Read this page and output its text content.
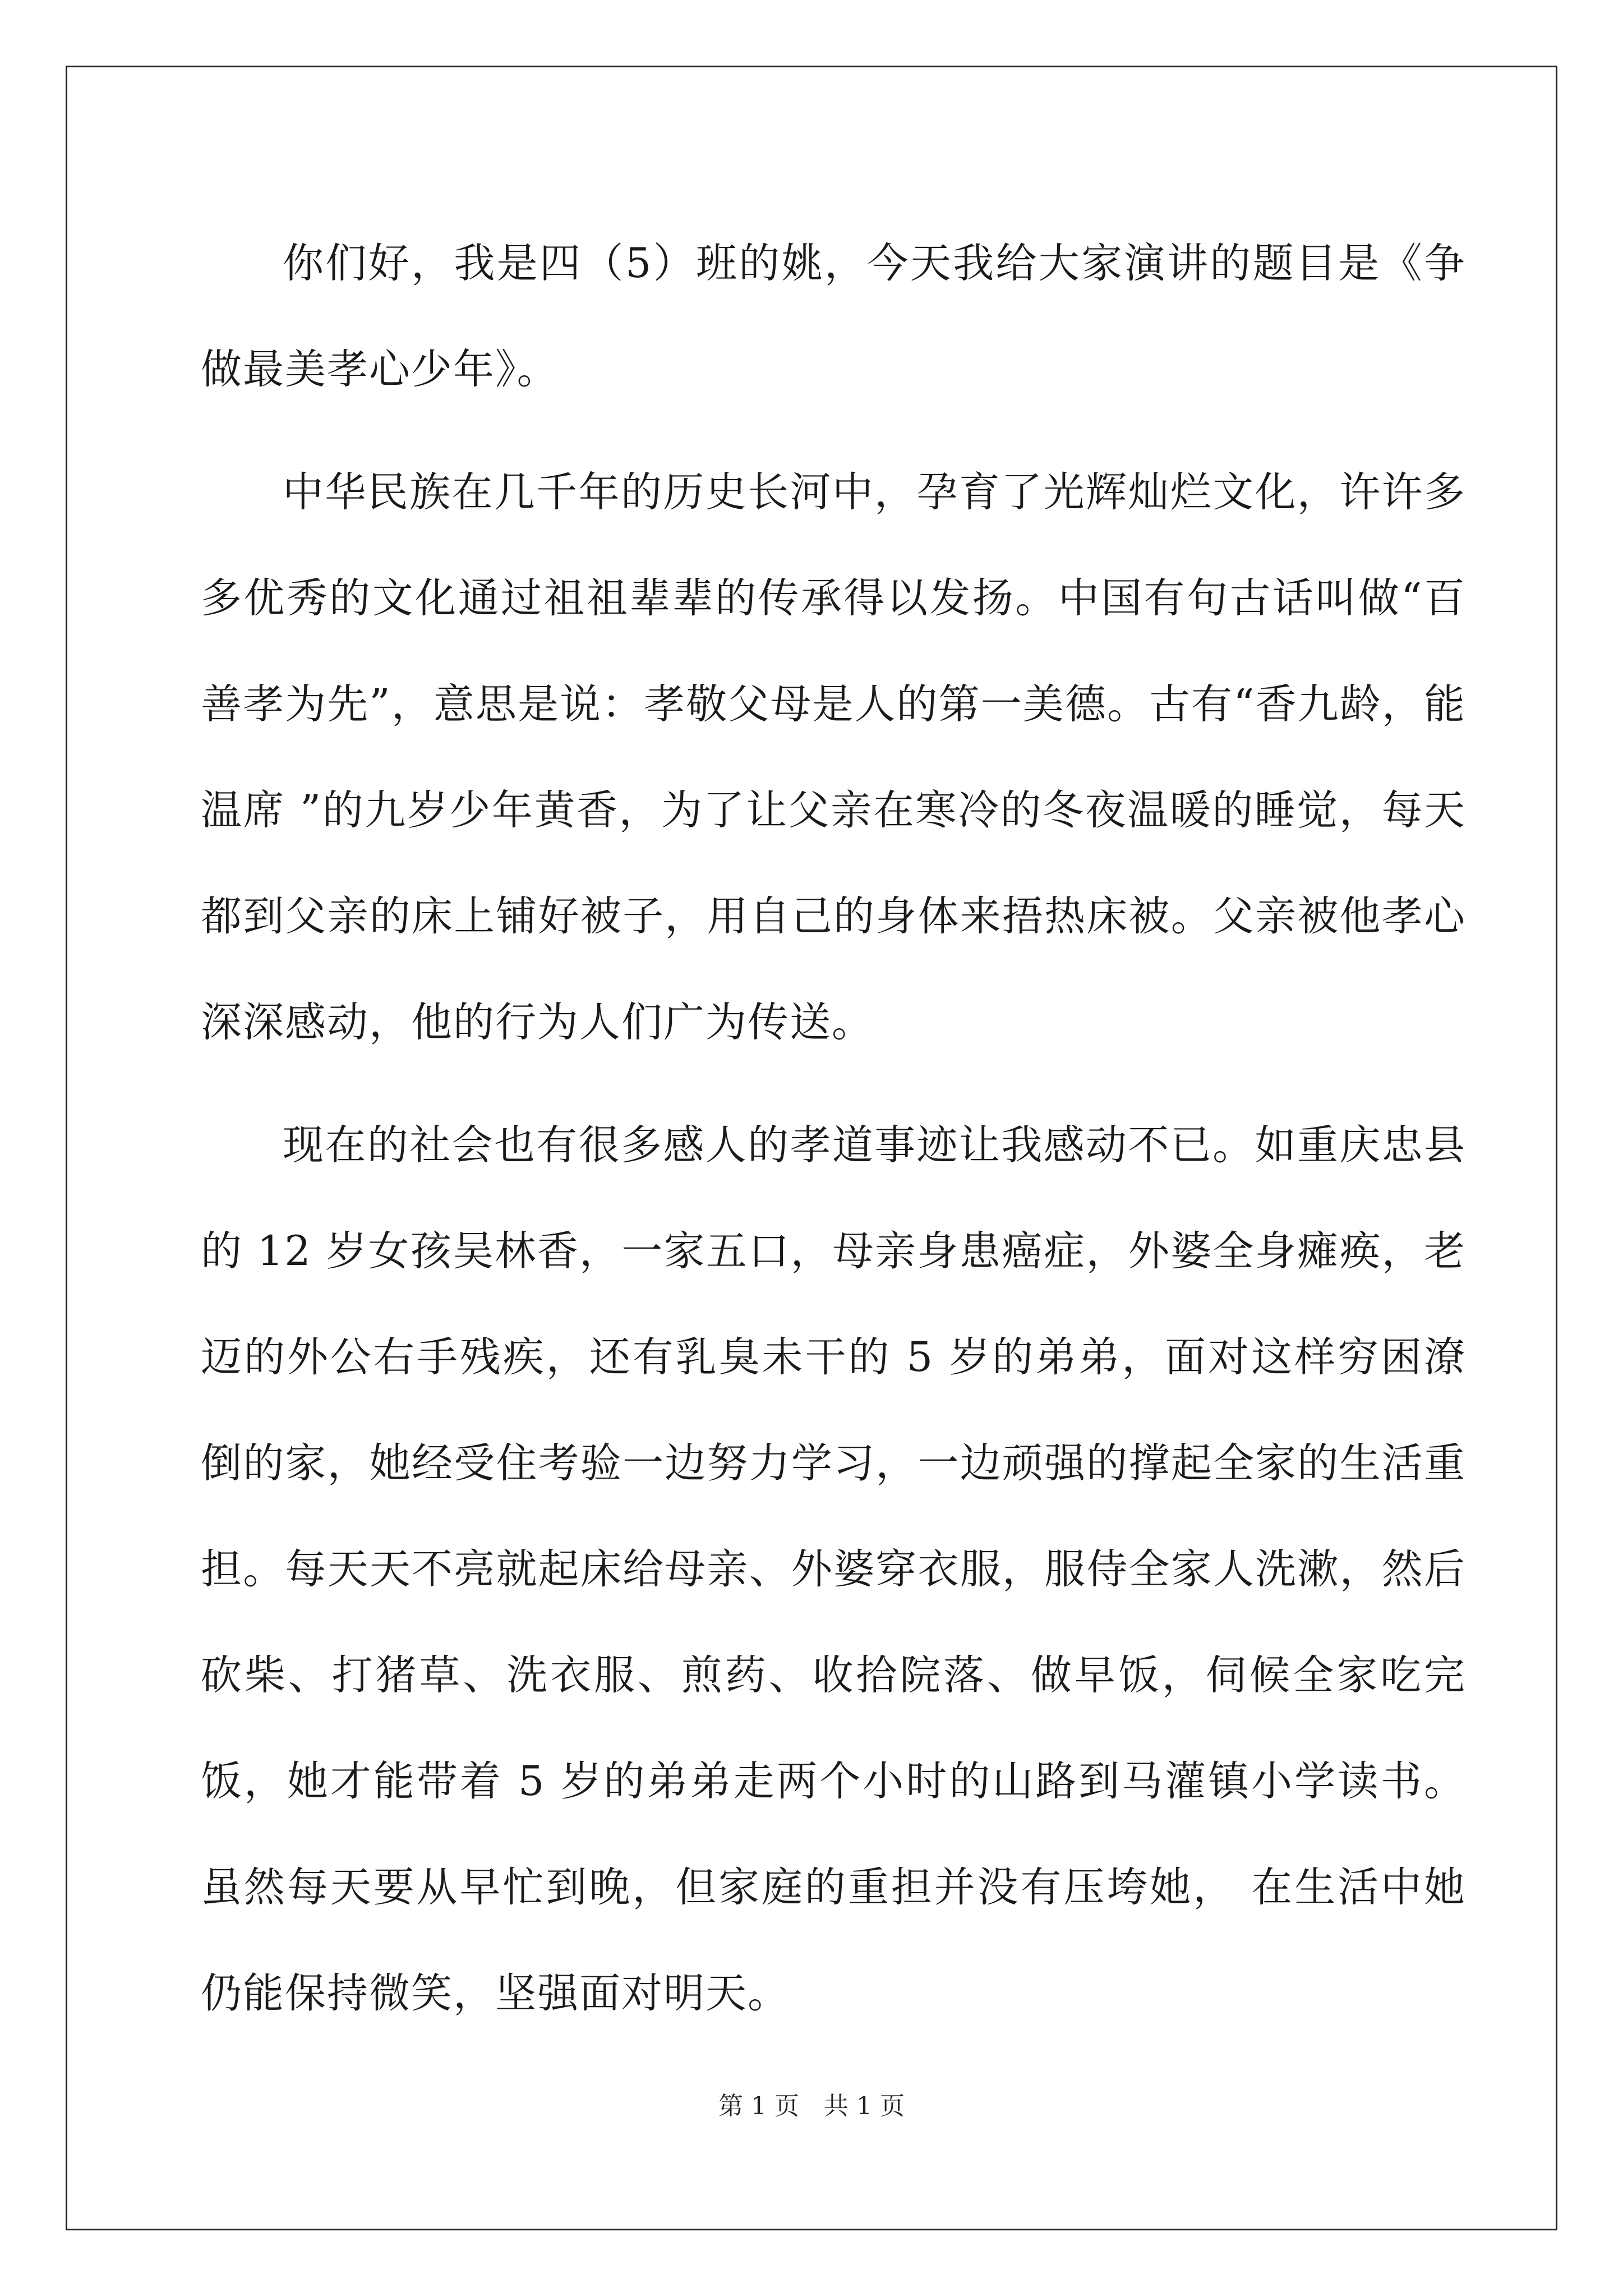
你们好，我是四（5）班的姚，今天我给大家演讲的题目是《争做最美孝心少年》。

中华民族在几千年的历史长河中，孕育了光辉灿烂文化，许许多多优秀的文化通过祖祖辈辈的传承得以发扬。中国有句古话叫做“百善孝为先”，意思是说：孝敬父母是人的第一美德。古有“香九龄，能温席 ”的九岁少年黄香，为了让父亲在寒冷的冬夜温暖的睡觉，每天都到父亲的床上铺好被子，用自己的身体来捂热床被。父亲被他孝心深深感动，他的行为人们广为传送。

现在的社会也有很多感人的孝道事迹让我感动不已。如重庆忠县的 12 岁女孩吴林香，一家五口，母亲身患癌症，外婆全身瘫痪，老迈的外公右手残疾，还有乳臭未干的 5 岁的弟弟，面对这样穷困潦倒的家，她经受住考验一边努力学习，一边顽强的撑起全家的生活重担。每天天不亮就起床给母亲、外婆穿衣服，服侍全家人洗漱，然后砍柴、打猪草、洗衣服、煎药、收拾院落、做早饭，伺候全家吃完饭，她才能带着 5 岁的弟弟走两个小时的山路到马灌镇小学读书。虽然每天要从早忙到晚，但家庭的重担并没有压垮她， 在生活中她仍能保持微笑，坚强面对明天。

第 1 页　共 1 页
